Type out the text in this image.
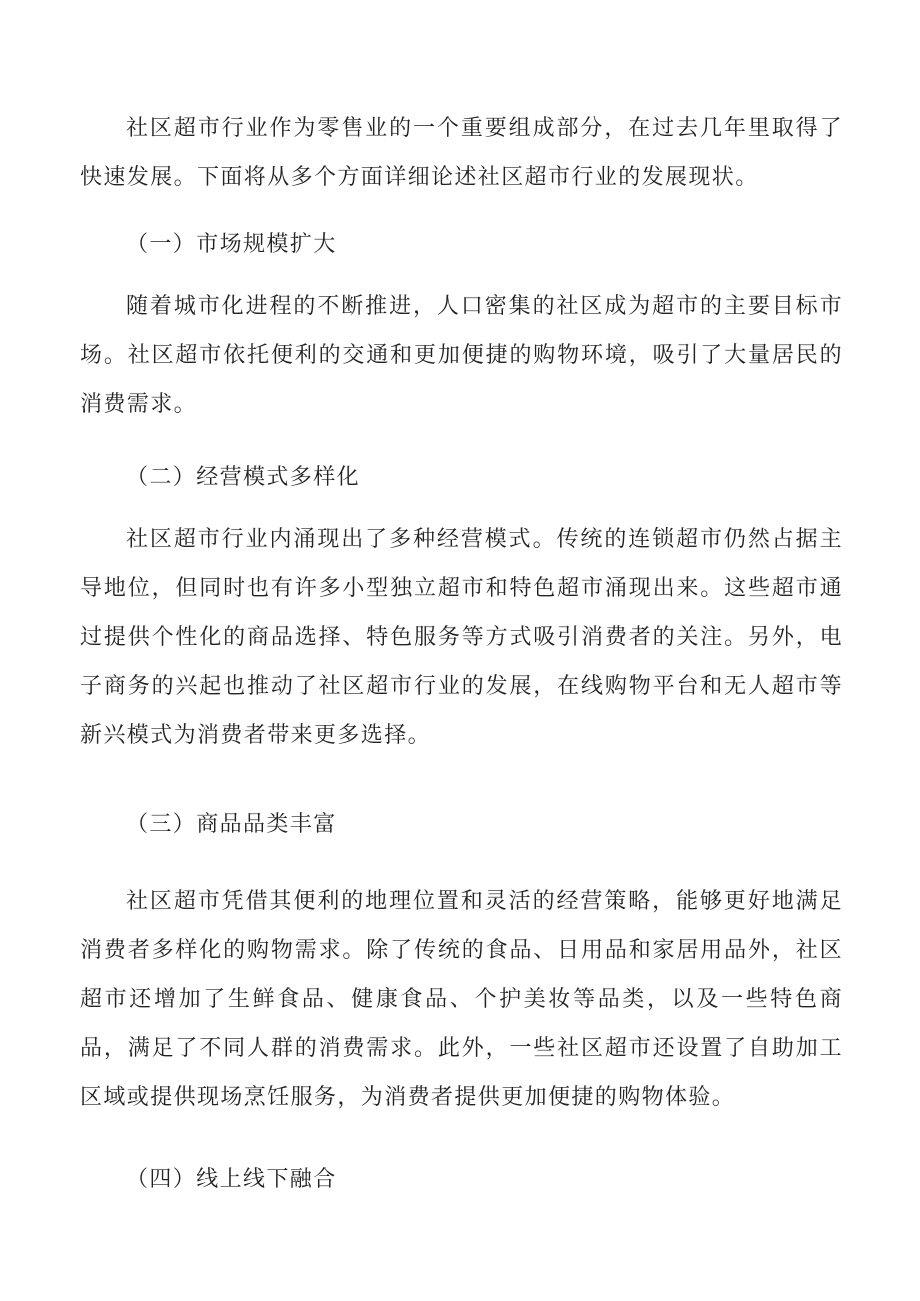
社区超市行业作为零售业的一个重要组成部分，在过去几年里取得了快速发展。下面将从多个方面详细论述社区超市行业的发展现状。

（一）市场规模扩大

随着城市化进程的不断推进，人口密集的社区成为超市的主要目标市场。社区超市依托便利的交通和更加便捷的购物环境，吸引了大量居民的消费需求。

（二）经营模式多样化

社区超市行业内涌现出了多种经营模式。传统的连锁超市仍然占据主导地位，但同时也有许多小型独立超市和特色超市涌现出来。这些超市通过提供个性化的商品选择、特色服务等方式吸引消费者的关注。另外，电子商务的兴起也推动了社区超市行业的发展，在线购物平台和无人超市等新兴模式为消费者带来更多选择。

（三）商品品类丰富

社区超市凭借其便利的地理位置和灵活的经营策略，能够更好地满足消费者多样化的购物需求。除了传统的食品、日用品和家居用品外，社区超市还增加了生鲜食品、健康食品、个护美妆等品类，以及一些特色商品，满足了不同人群的消费需求。此外，一些社区超市还设置了自助加工区域或提供现场烹饪服务，为消费者提供更加便捷的购物体验。

（四）线上线下融合
